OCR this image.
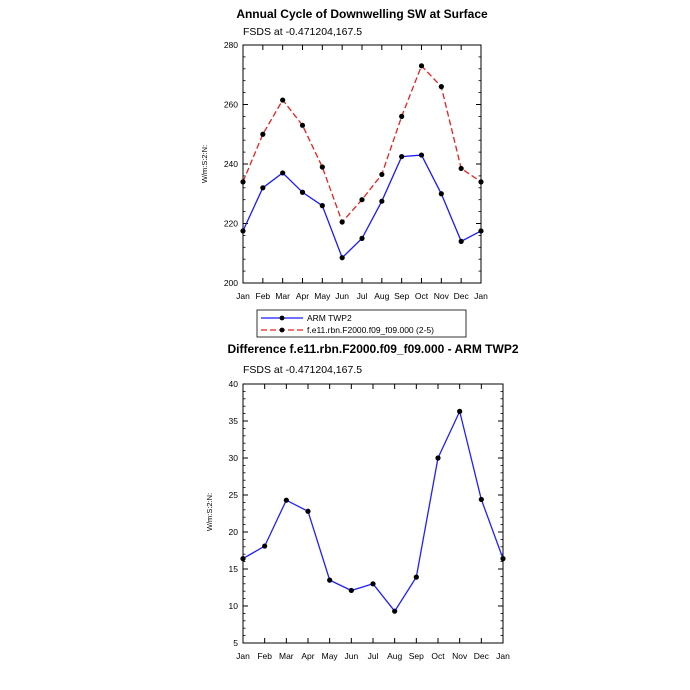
Annual Cycle of Downwelling SW at Surface
FSDS at -0.471204,167.5
W/m:S:2:N:
200
220
240
260
280
Jan Feb Mar Apr May Jun Jul Aug Sep Oct Nov Dec Jan
ARM TWP2
f.e11.rbn.F2000.f09_f09.000 (2-5)
Difference f.e11.rbn.F2000.f09_f09.000 - ARM TWP2
FSDS at -0.471204,167.5
W/m:S:2:N:
5
10
15
20
25
30
35
40
Jan Feb Mar Apr May Jun Jul Aug Sep Oct Nov Dec Jan
